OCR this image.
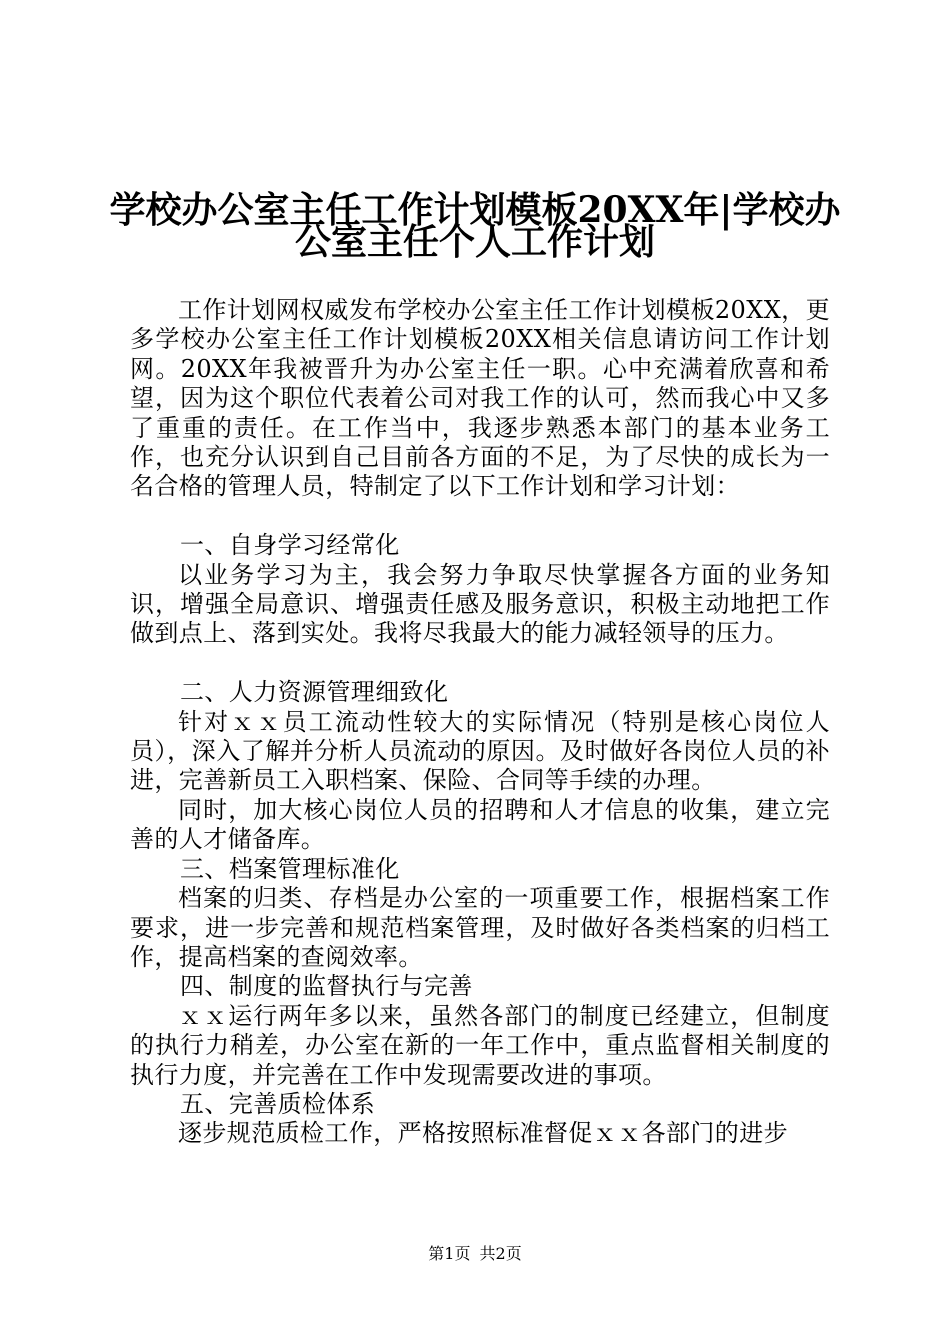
学校办公室主任工作计划模板20XX年|学校办
公室主任个人工作计划

工作计划网权威发布学校办公室主任工作计划模板20XX，更多学校办公室主任工作计划模板20XX相关信息请访问工作计划网。20XX年我被晋升为办公室主任一职。心中充满着欣喜和希望，因为这个职位代表着公司对我工作的认可，然而我心中又多了重重的责任。在工作当中，我逐步熟悉本部门的基本业务工作，也充分认识到自己目前各方面的不足，为了尽快的成长为一名合格的管理人员，特制定了以下工作计划和学习计划：

一、自身学习经常化

以业务学习为主，我会努力争取尽快掌握各方面的业务知识，增强全局意识、增强责任感及服务意识，积极主动地把工作做到点上、落到实处。我将尽我最大的能力减轻领导的压力。

二、人力资源管理细致化

针对ｘｘ员工流动性较大的实际情况（特别是核心岗位人员），深入了解并分析人员流动的原因。及时做好各岗位人员的补进，完善新员工入职档案、保险、合同等手续的办理。

同时，加大核心岗位人员的招聘和人才信息的收集，建立完善的人才储备库。

三、档案管理标准化

档案的归类、存档是办公室的一项重要工作，根据档案工作要求，进一步完善和规范档案管理，及时做好各类档案的归档工作，提高档案的查阅效率。

四、制度的监督执行与完善

ｘｘ运行两年多以来，虽然各部门的制度已经建立，但制度的执行力稍差，办公室在新的一年工作中，重点监督相关制度的执行力度，并完善在工作中发现需要改进的事项。

五、完善质检体系

逐步规范质检工作，严格按照标准督促ｘｘ各部门的进步

第1页 共2页
